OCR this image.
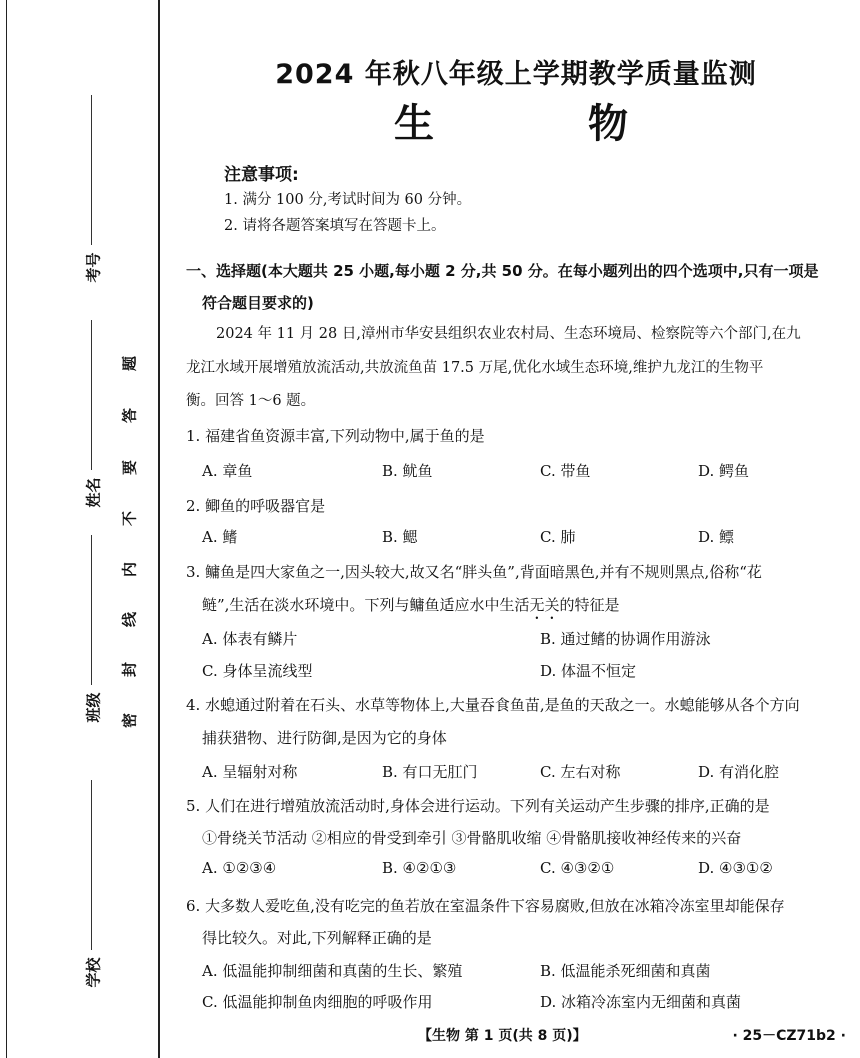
考号
姓名
班级
学校
题
答
要
不
内
线
封
密
2024 年秋八年级上学期教学质量监测
生 物
注意事项:
1. 满分 100 分,考试时间为 60 分钟。
2. 请将各题答案填写在答题卡上。
一、选择题(本大题共 25 小题,每小题 2 分,共 50 分。在每小题列出的四个选项中,只有一项是
符合题目要求的)
2024 年 11 月 28 日,漳州市华安县组织农业农村局、生态环境局、检察院等六个部门,在九
龙江水域开展增殖放流活动,共放流鱼苗 17.5 万尾,优化水域生态环境,维护九龙江的生物平
衡。回答 1～6 题。
1. 福建省鱼资源丰富,下列动物中,属于鱼的是
A. 章鱼	B. 鱿鱼	C. 带鱼	D. 鳄鱼
2. 鲫鱼的呼吸器官是
A. 鳍	B. 鳃	C. 肺	D. 鳔
3. 鳙鱼是四大家鱼之一,因头较大,故又名“胖头鱼”,背面暗黑色,并有不规则黑点,俗称“花
鲢”,生活在淡水环境中。下列与鳙鱼适应水中生活无关的特征是
A. 体表有鳞片	B. 通过鳍的协调作用游泳
C. 身体呈流线型	D. 体温不恒定
4. 水螅通过附着在石头、水草等物体上,大量吞食鱼苗,是鱼的天敌之一。水螅能够从各个方向
捕获猎物、进行防御,是因为它的身体
A. 呈辐射对称	B. 有口无肛门	C. 左右对称	D. 有消化腔
5. 人们在进行增殖放流活动时,身体会进行运动。下列有关运动产生步骤的排序,正确的是
①骨绕关节活动 ②相应的骨受到牵引 ③骨骼肌收缩 ④骨骼肌接收神经传来的兴奋
A. ①②③④	B. ④②①③	C. ④③②①	D. ④③①②
6. 大多数人爱吃鱼,没有吃完的鱼若放在室温条件下容易腐败,但放在冰箱冷冻室里却能保存
得比较久。对此,下列解释正确的是
A. 低温能抑制细菌和真菌的生长、繁殖	B. 低温能杀死细菌和真菌
C. 低温能抑制鱼肉细胞的呼吸作用	D. 冰箱冷冻室内无细菌和真菌
【生物 第 1 页(共 8 页)】	· 25－CZ71b2 ·
